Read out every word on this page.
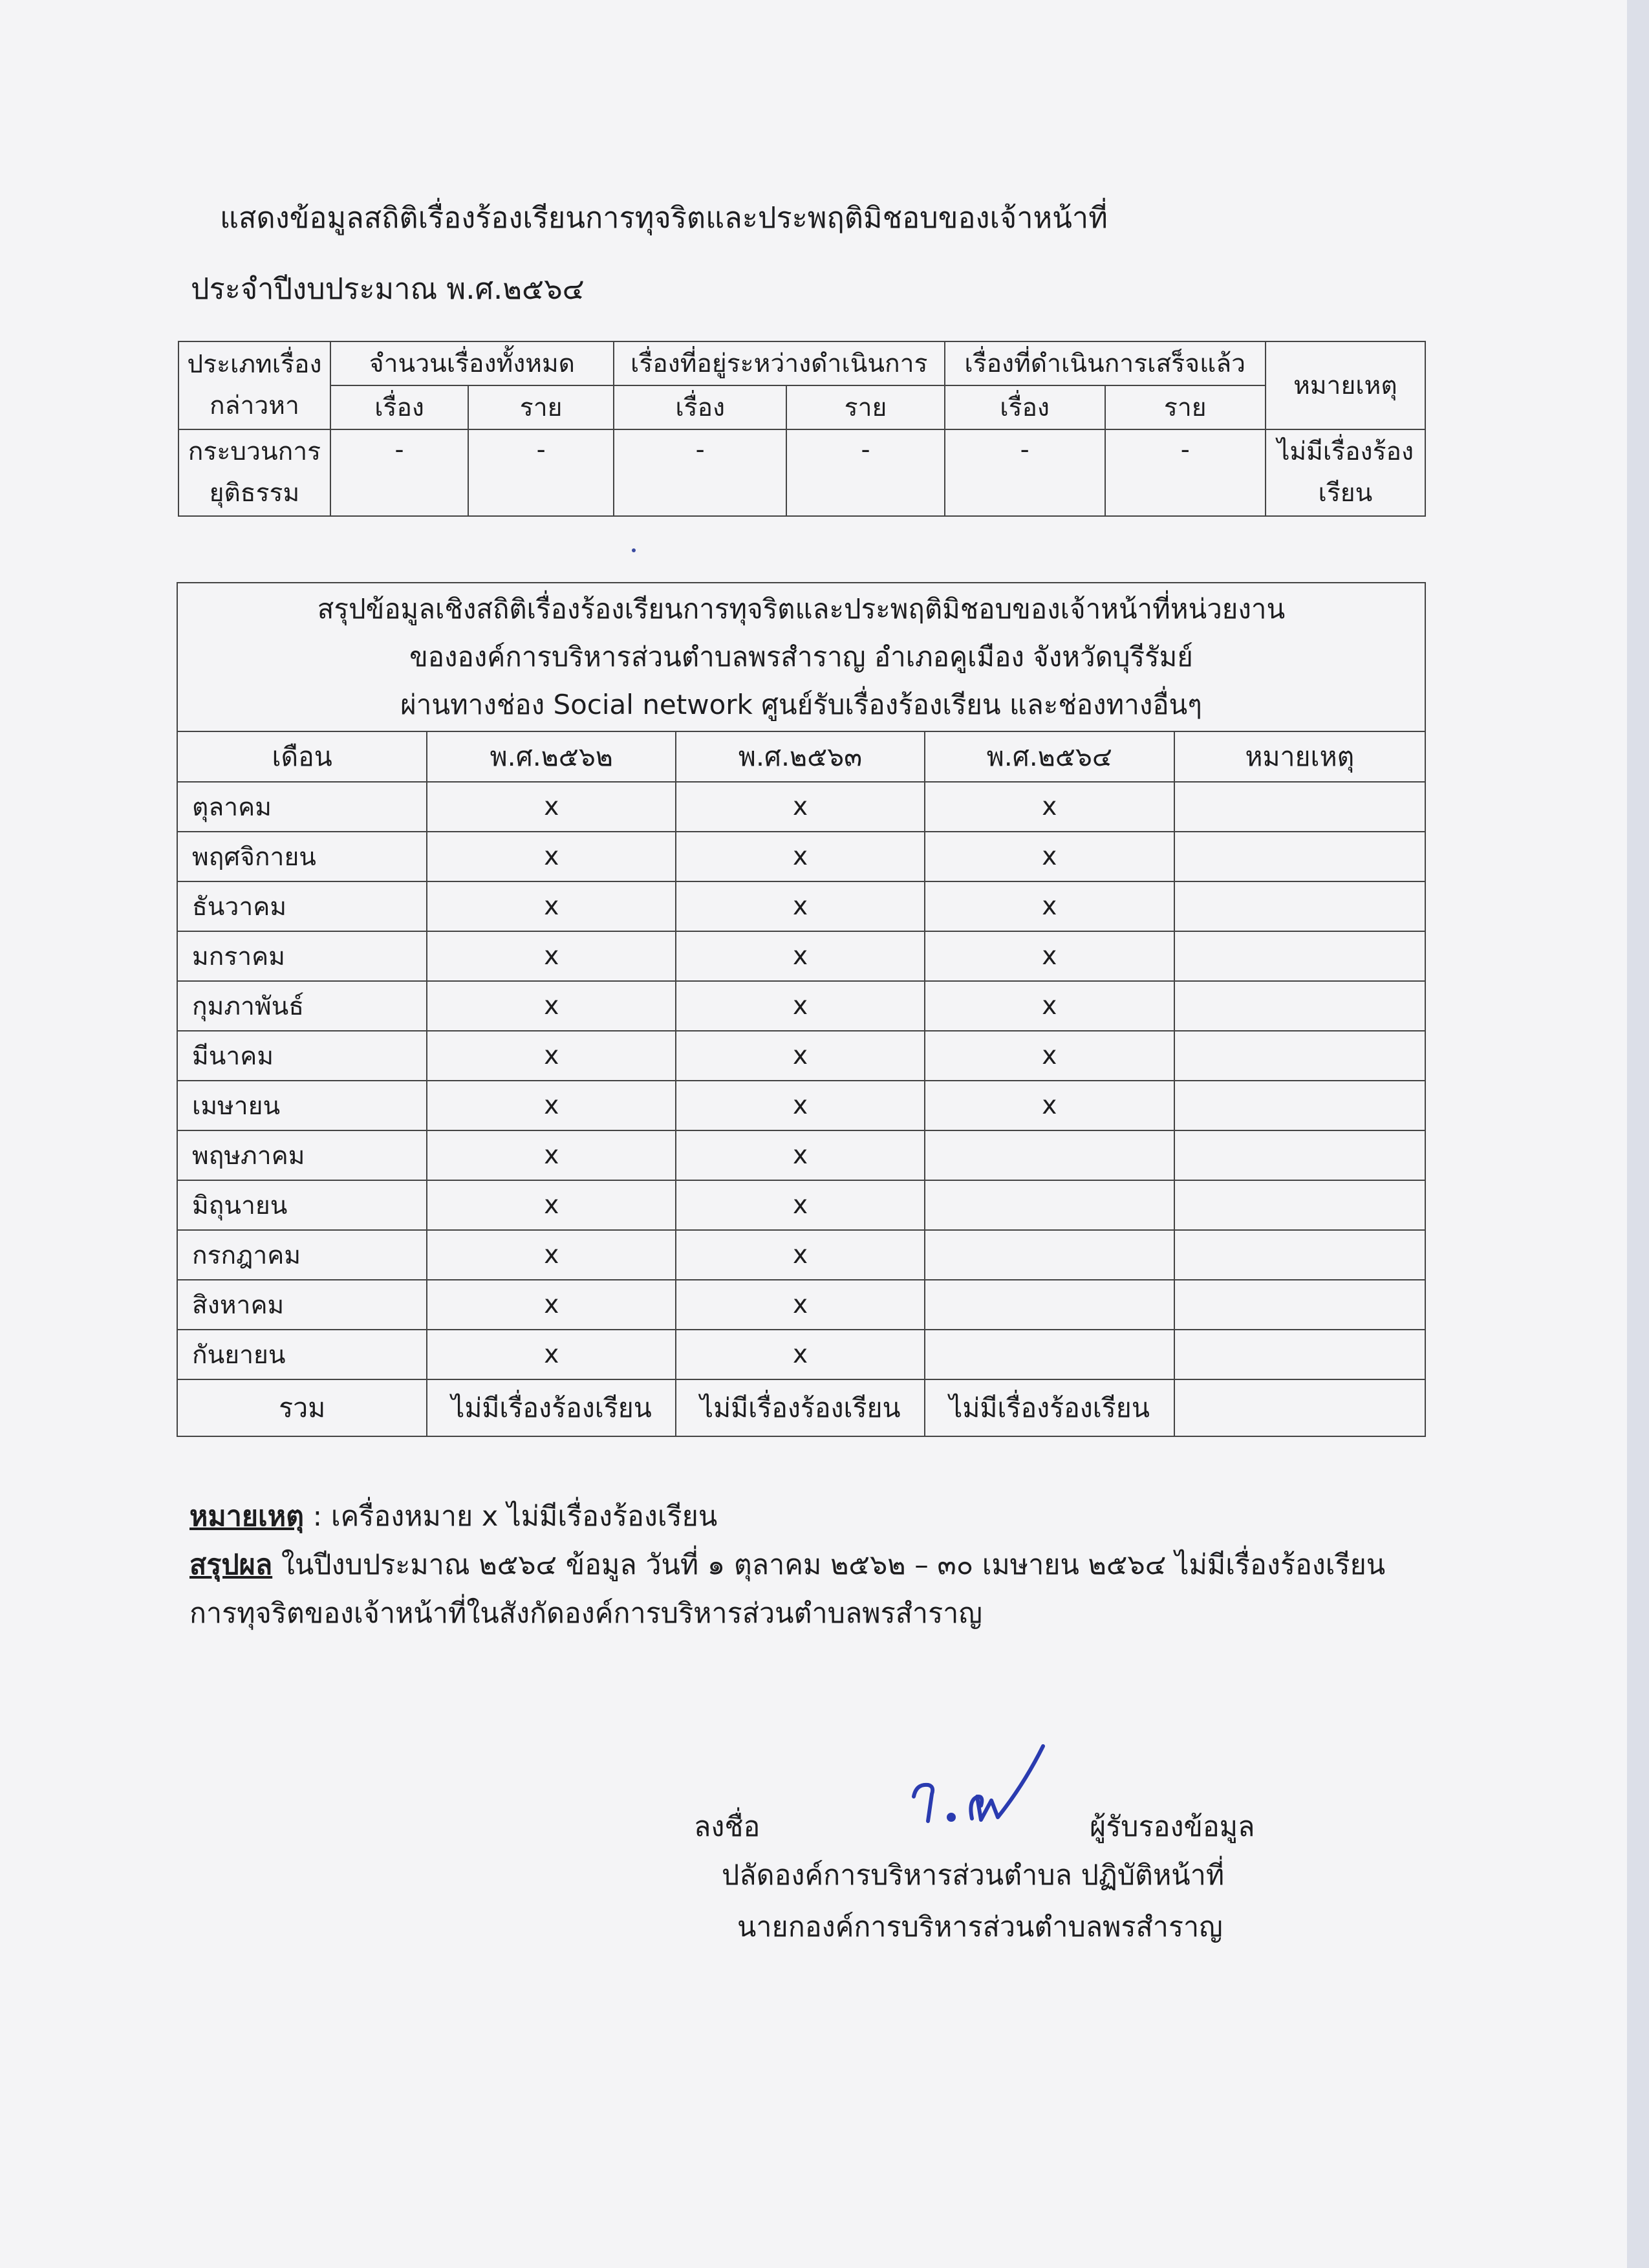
แสดงข้อมูลสถิติเรื่องร้องเรียนการทุจริตและประพฤติมิชอบของเจ้าหน้าที่
ประจำปีงบประมาณ พ.ศ.๒๕๖๔
ประเภทเรื่องกล่าวหา	จำนวนเรื่องทั้งหมด		เรื่องที่อยู่ระหว่างดำเนินการ		เรื่องที่ดำเนินการเสร็จแล้ว		หมายเหตุ
	เรื่อง	ราย	เรื่อง	ราย	เรื่อง	ราย	
กระบวนการยุติธรรม	-	-	-	-	-	-	ไม่มีเรื่องร้องเรียน
สรุปข้อมูลเชิงสถิติเรื่องร้องเรียนการทุจริตและประพฤติมิชอบของเจ้าหน้าที่หน่วยงาน
ขององค์การบริหารส่วนตำบลพรสำราญ อำเภอคูเมือง จังหวัดบุรีรัมย์
ผ่านทางช่อง Social network ศูนย์รับเรื่องร้องเรียน และช่องทางอื่นๆ				

เดือน	พ.ศ.๒๕๖๒	พ.ศ.๒๕๖๓	พ.ศ.๒๕๖๔	หมายเหตุ
ตุลาคม	x	x	x	
พฤศจิกายน	x	x	x	
ธันวาคม	x	x	x	
มกราคม	x	x	x	
กุมภาพันธ์	x	x	x	
มีนาคม	x	x	x	
เมษายน	x	x	x	
พฤษภาคม	x	x		
มิถุนายน	x	x		
กรกฎาคม	x	x		
สิงหาคม	x	x		
กันยายน	x	x		
รวม	ไม่มีเรื่องร้องเรียน	ไม่มีเรื่องร้องเรียน	ไม่มีเรื่องร้องเรียน	
หมายเหตุ : เครื่องหมาย x ไม่มีเรื่องร้องเรียน
สรุปผล ในปีงบประมาณ ๒๕๖๔ ข้อมูล วันที่ ๑ ตุลาคม ๒๕๖๒ – ๓๐ เมษายน ๒๕๖๔ ไม่มีเรื่องร้องเรียน
การทุจริตของเจ้าหน้าที่ในสังกัดองค์การบริหารส่วนตำบลพรสำราญ
ลงชื่อ	ผู้รับรองข้อมูล
ปลัดองค์การบริหารส่วนตำบล ปฏิบัติหน้าที่
นายกองค์การบริหารส่วนตำบลพรสำราญ
